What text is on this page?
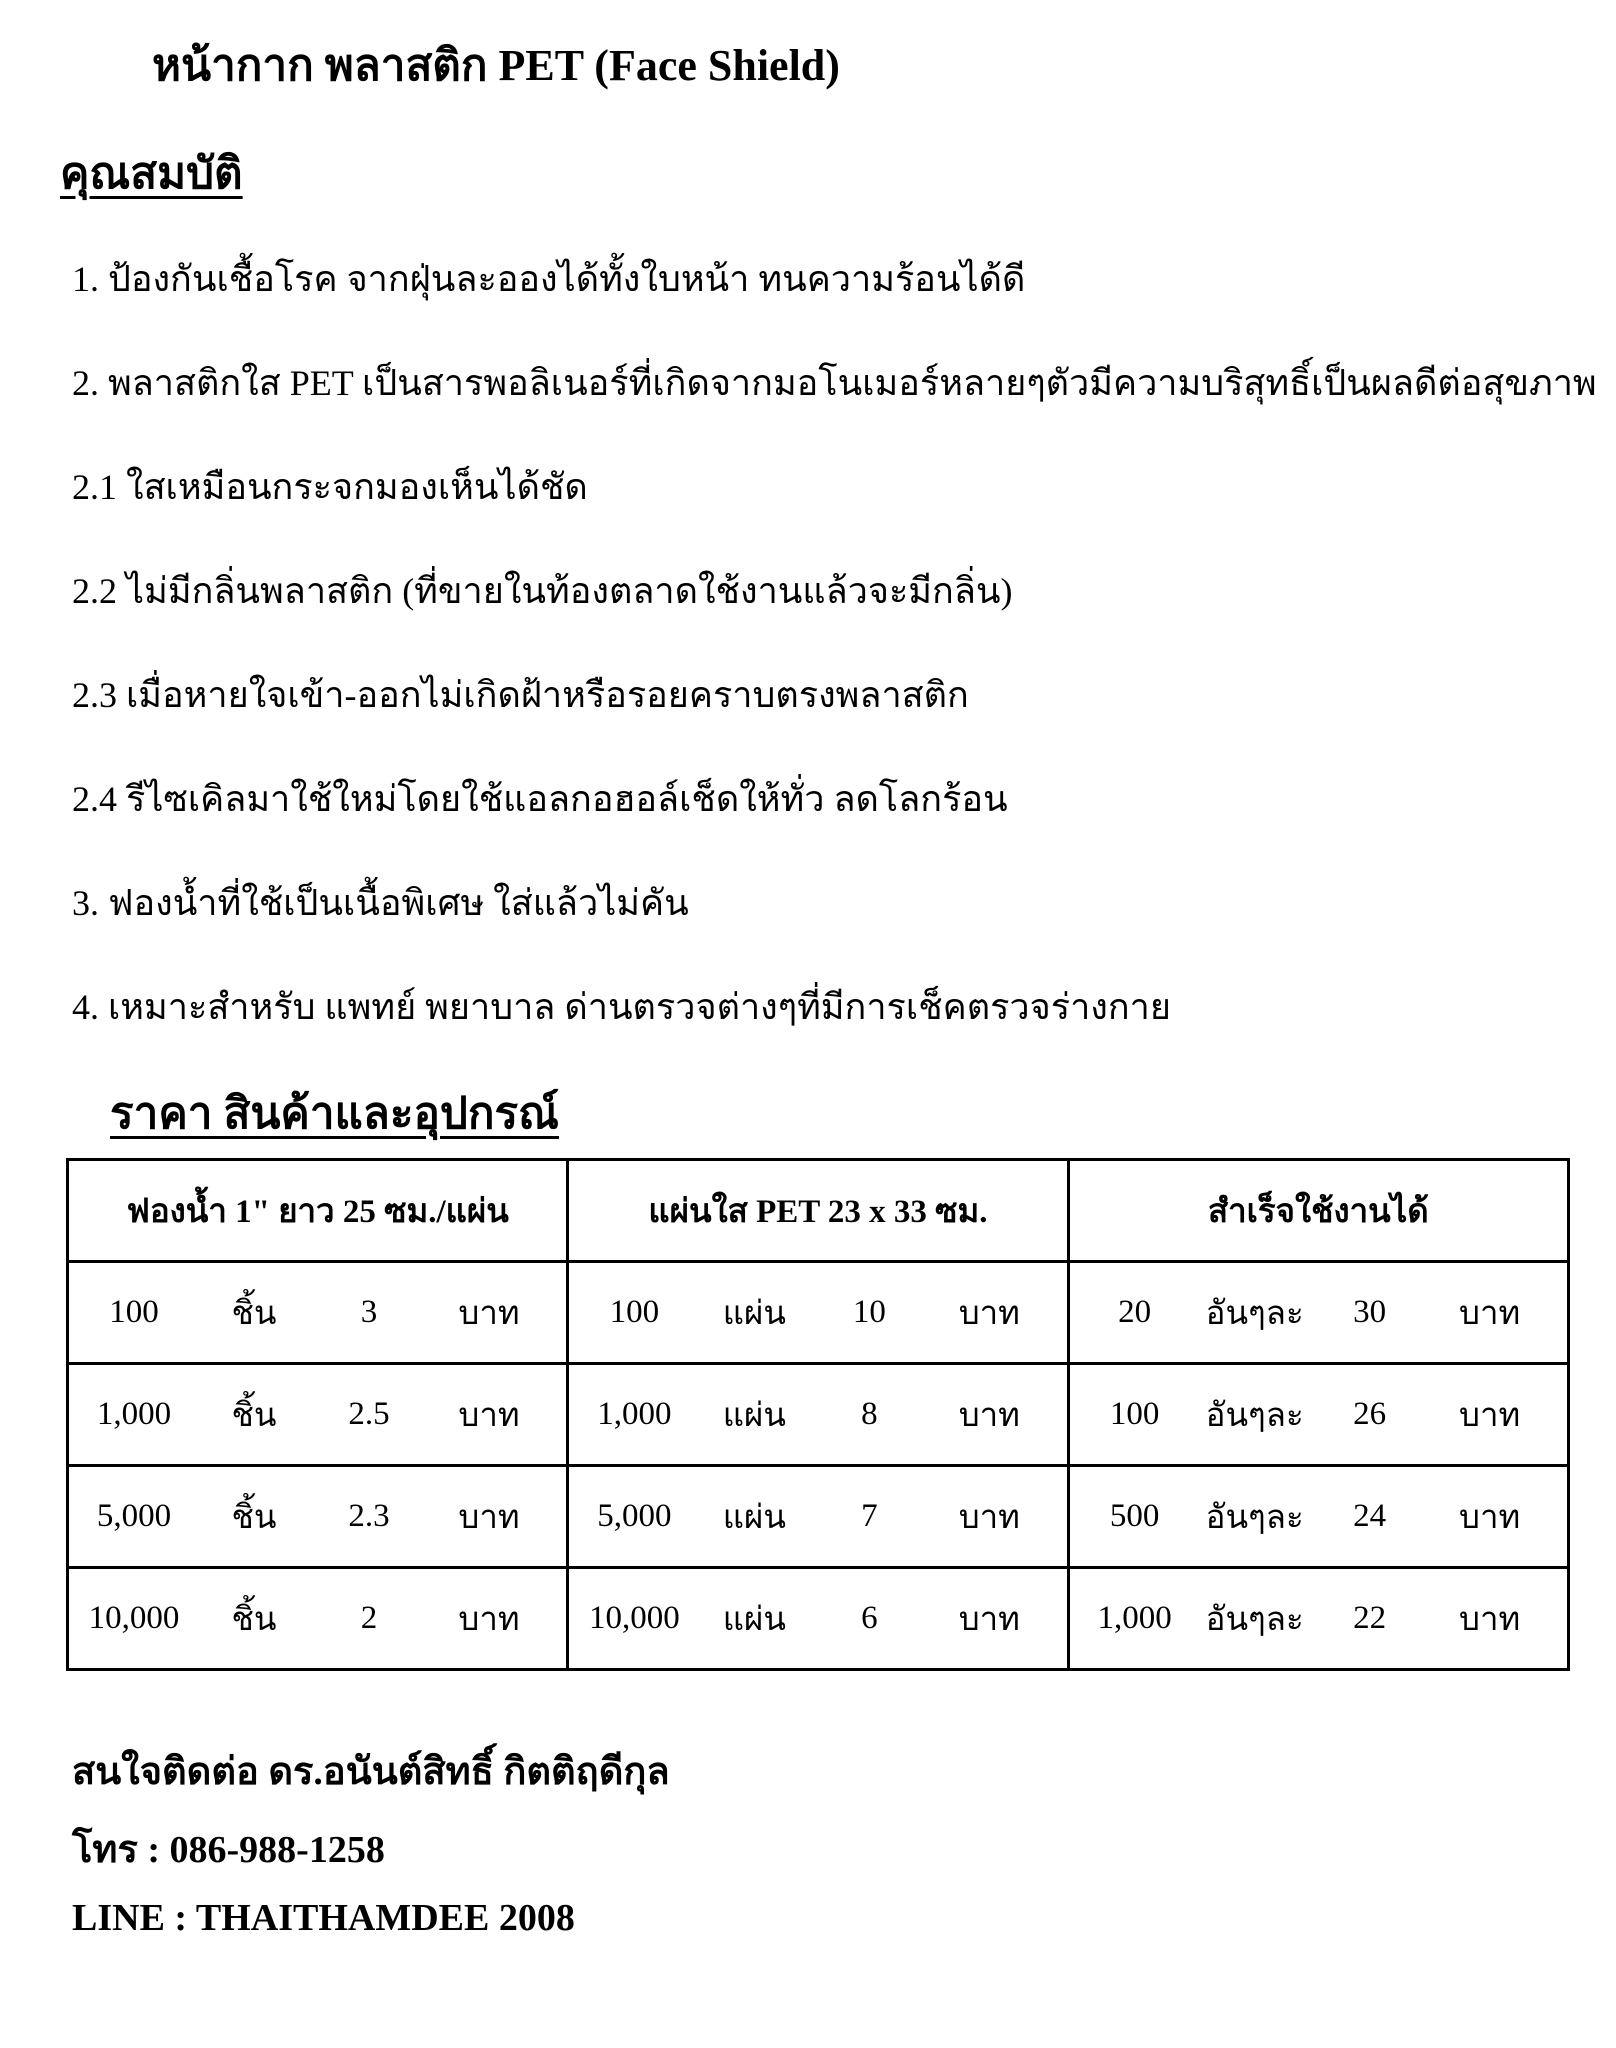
หน้ากาก พลาสติก PET (Face Shield)
คุณสมบัติ

1. ป้องกันเชื้อโรค จากฝุ่นละอองได้ทั้งใบหน้า ทนความร้อนได้ดี

2. พลาสติกใส PET เป็นสารพอลิเนอร์ที่เกิดจากมอโนเมอร์หลายๆตัวมีความบริสุทธิ์เป็นผลดีต่อสุขภาพ

2.1 ใสเหมือนกระจกมองเห็นได้ชัด

2.2 ไม่มีกลิ่นพลาสติก (ที่ขายในท้องตลาดใช้งานแล้วจะมีกลิ่น)

2.3 เมื่อหายใจเข้า-ออกไม่เกิดฝ้าหรือรอยคราบตรงพลาสติก

2.4 รีไซเคิลมาใช้ใหม่โดยใช้แอลกอฮอล์เช็ดให้ทั่ว ลดโลกร้อน

3. ฟองน้ำที่ใช้เป็นเนื้อพิเศษ ใส่แล้วไม่คัน

4. เหมาะสำหรับ แพทย์ พยาบาล ด่านตรวจต่างๆที่มีการเช็คตรวจร่างกาย

ราคา สินค้าและอุปกรณ์
ฟองน้ำ 1" ยาว 25 ซม./แผ่น	แผ่นใส PET 23 x 33 ซม.	สำเร็จใช้งานได้

100 ชิ้น 3 บาท	100 แผ่น 10 บาท	20 อันๆละ 30 บาท

1,000 ชิ้น 2.5 บาท	1,000 แผ่น 8 บาท	100 อันๆละ 26 บาท

5,000 ชิ้น 2.3 บาท	5,000 แผ่น 7 บาท	500 อันๆละ 24 บาท

10,000 ชิ้น 2 บาท	10,000 แผ่น 6 บาท	1,000 อันๆละ 22 บาท

สนใจติดต่อ ดร.อนันต์สิทธิ์ กิตติฤดีกุล

โทร : 086-988-1258

LINE : THAITHAMDEE 2008
